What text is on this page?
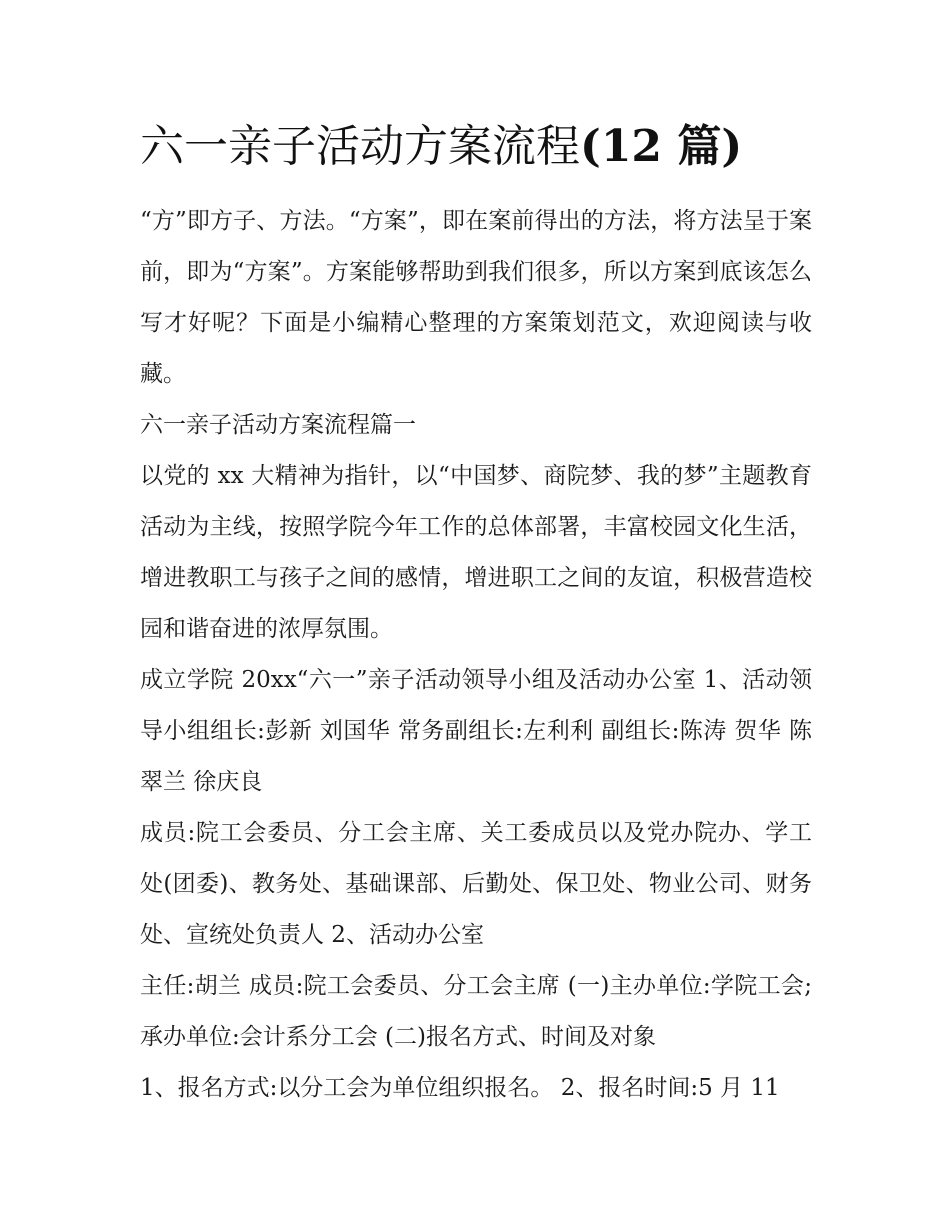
六一亲子活动方案流程(12 篇)

“方”即方子、方法。“方案”，即在案前得出的方法，将方法呈于案前，即为“方案”。方案能够帮助到我们很多，所以方案到底该怎么写才好呢？下面是小编精心整理的方案策划范文，欢迎阅读与收藏。

六一亲子活动方案流程篇一

以党的 xx 大精神为指针，以“中国梦、商院梦、我的梦”主题教育活动为主线，按照学院今年工作的总体部署，丰富校园文化生活，增进教职工与孩子之间的感情，增进职工之间的友谊，积极营造校园和谐奋进的浓厚氛围。

成立学院 20xx“六一”亲子活动领导小组及活动办公室 1、活动领导小组组长:彭新 刘国华 常务副组长:左利利 副组长:陈涛 贺华 陈翠兰 徐庆良

成员:院工会委员、分工会主席、关工委成员以及党办院办、学工处(团委)、教务处、基础课部、后勤处、保卫处、物业公司、财务处、宣统处负责人 2、活动办公室

主任:胡兰 成员:院工会委员、分工会主席 (一)主办单位:学院工会;承办单位:会计系分工会 (二)报名方式、时间及对象

1、报名方式:以分工会为单位组织报名。 2、报名时间:5 月 11
